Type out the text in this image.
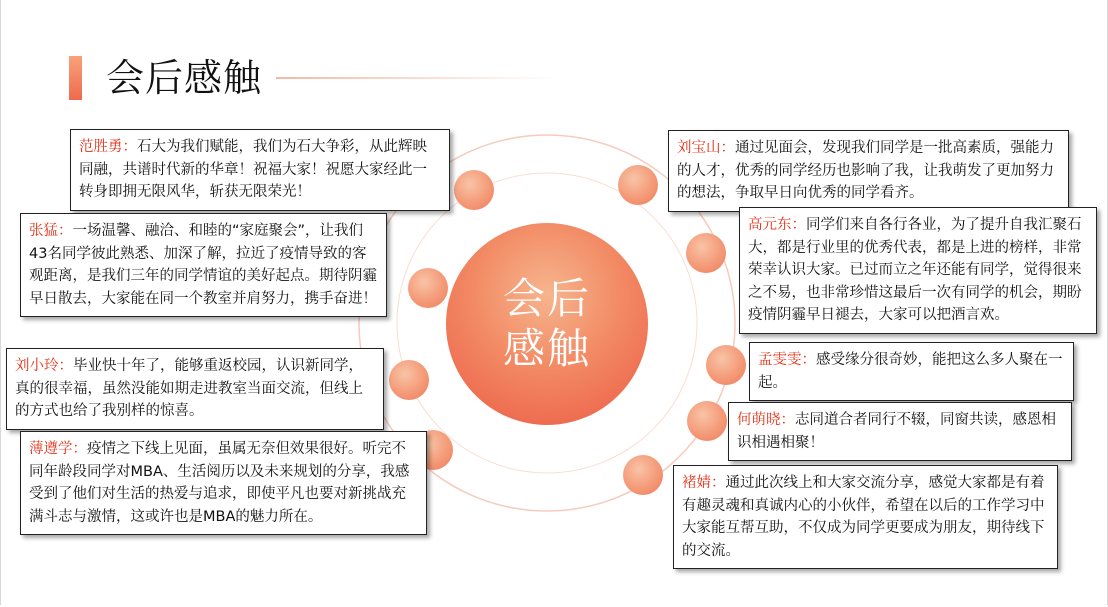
会后感触
会后
感触
范胜勇：石大为我们赋能，我们为石大争彩，从此辉映同融，共谱时代新的华章！祝福大家！祝愿大家经此一转身即拥无限风华，斩获无限荣光！
张猛：一场温馨、融洽、和睦的“家庭聚会”，让我们43名同学彼此熟悉、加深了解，拉近了疫情导致的客观距离，是我们三年的同学情谊的美好起点。期待阴霾早日散去，大家能在同一个教室并肩努力，携手奋进！
刘小玲：毕业快十年了，能够重返校园，认识新同学，真的很幸福，虽然没能如期走进教室当面交流，但线上的方式也给了我别样的惊喜。
薄遵学：疫情之下线上见面，虽属无奈但效果很好。听完不同年龄段同学对MBA、生活阅历以及未来规划的分享，我感受到了他们对生活的热爱与追求，即使平凡也要对新挑战充满斗志与激情，这或许也是MBA的魅力所在。
刘宝山：通过见面会，发现我们同学是一批高素质，强能力的人才，优秀的同学经历也影响了我，让我萌发了更加努力的想法，争取早日向优秀的同学看齐。
高元东：同学们来自各行各业，为了提升自我汇聚石大，都是行业里的优秀代表，都是上进的榜样，非常荣幸认识大家。已过而立之年还能有同学，觉得很来之不易，也非常珍惜这最后一次有同学的机会，期盼疫情阴霾早日褪去，大家可以把酒言欢。
孟雯雯：感受缘分很奇妙，能把这么多人聚在一起。
何萌晓：志同道合者同行不辍，同窗共读，感恩相识相遇相聚！
褚婧：通过此次线上和大家交流分享，感觉大家都是有着有趣灵魂和真诚内心的小伙伴，希望在以后的工作学习中大家能互帮互助，不仅成为同学更要成为朋友，期待线下的交流。
